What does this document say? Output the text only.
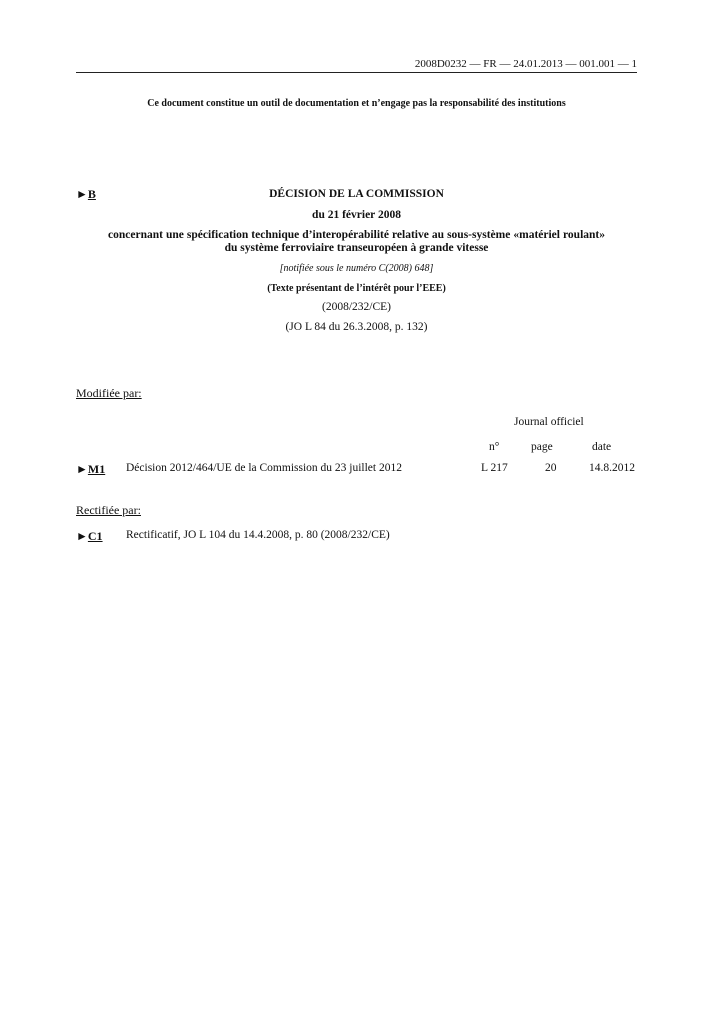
2008D0232 — FR — 24.01.2013 — 001.001 — 1
Ce document constitue un outil de documentation et n’engage pas la responsabilité des institutions
►B	DÉCISION DE LA COMMISSION
du 21 février 2008
concernant une spécification technique d’interopérabilité relative au sous-système «matériel roulant» du système ferroviaire transeuropéen à grande vitesse
[notifiée sous le numéro C(2008) 648]
(Texte présentant de l’intérêt pour l’EEE)
(2008/232/CE)
(JO L 84 du 26.3.2008, p. 132)
Modifiée par:
Journal officiel
n°	page	date
►M1 Décision 2012/464/UE de la Commission du 23 juillet 2012	L 217	20	14.8.2012
Rectifiée par:
►C1 Rectificatif, JO L 104 du 14.4.2008, p. 80 (2008/232/CE)
